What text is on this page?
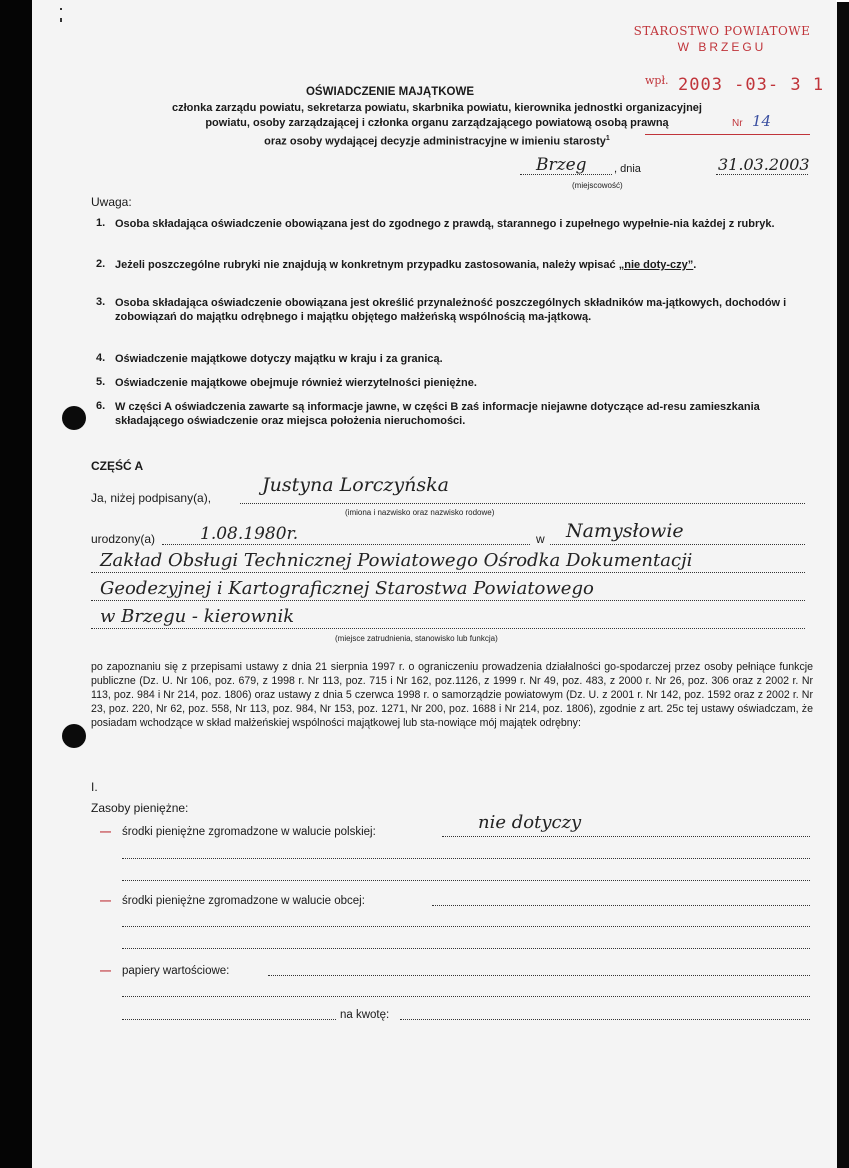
STAROSTWO POWIATOWE
W BRZEGU
wpł. 2003 -03- 3 1
Nr 14
OŚWIADCZENIE MAJĄTKOWE
członka zarządu powiatu, sekretarza powiatu, skarbnika powiatu, kierownika jednostki organizacyjnej
powiatu, osoby zarządzającej i członka organu zarządzającego powiatową osobą prawną
oraz osoby wydającej decyzje administracyjne w imieniu starosty$^1$
Brzeg
(miejscowość)
, dnia	31.03.2003
Uwaga:
1. Osoba składająca oświadczenie obowiązana jest do zgodnego z prawdą, starannego i zupełnego wypełnie-nia każdej z rubryk.
2. Jeżeli poszczególne rubryki nie znajdują w konkretnym przypadku zastosowania, należy wpisać „nie doty-czy”.
3. Osoba składająca oświadczenie obowiązana jest określić przynależność poszczególnych składników ma-jątkowych, dochodów i zobowiązań do majątku odrębnego i majątku objętego małżeńską wspólnością ma-jątkową.
4. Oświadczenie majątkowe dotyczy majątku w kraju i za granicą.
5. Oświadczenie majątkowe obejmuje również wierzytelności pieniężne.
6. W części A oświadczenia zawarte są informacje jawne, w części B zaś informacje niejawne dotyczące ad-resu zamieszkania składającego oświadczenie oraz miejsca położenia nieruchomości.
CZĘŚĆ A
Ja, niżej podpisany(a),
Justyna Lorczyńska
(imiona i nazwisko oraz nazwisko rodowe)
urodzony(a)	1.08.1980r.	w Namysłowie
Zakład Obsługi Technicznej Powiatowego Ośrodka Dokumentacji
Geodezyjnej i Kartograficznej Starostwa Powiatowego
w Brzegu - kierownik
(miejsce zatrudnienia, stanowisko lub funkcja)
po zapoznaniu się z przepisami ustawy z dnia 21 sierpnia 1997 r. o ograniczeniu prowadzenia działalności go-spodarczej przez osoby pełniące funkcje publiczne (Dz. U. Nr 106, poz. 679, z 1998 r. Nr 113, poz. 715 i Nr 162, poz.1126, z 1999 r. Nr 49, poz. 483, z 2000 r. Nr 26, poz. 306 oraz z 2002 r. Nr 113, poz. 984 i Nr 214, poz. 1806) oraz ustawy z dnia 5 czerwca 1998 r. o samorządzie powiatowym (Dz. U. z 2001 r. Nr 142, poz. 1592 oraz z 2002 r. Nr 23, poz. 220, Nr 62, poz. 558, Nr 113, poz. 984, Nr 153, poz. 1271, Nr 200, poz. 1688 i Nr 214, poz. 1806), zgodnie z art. 25c tej ustawy oświadczam, że posiadam wchodzące w skład małżeńskiej wspólności majątkowej lub sta-nowiące mój majątek odrębny:
I.
Zasoby pieniężne:
— środki pieniężne zgromadzone w walucie polskiej:	nie dotyczy
— środki pieniężne zgromadzone w walucie obcej:
— papiery wartościowe:
na kwotę:
